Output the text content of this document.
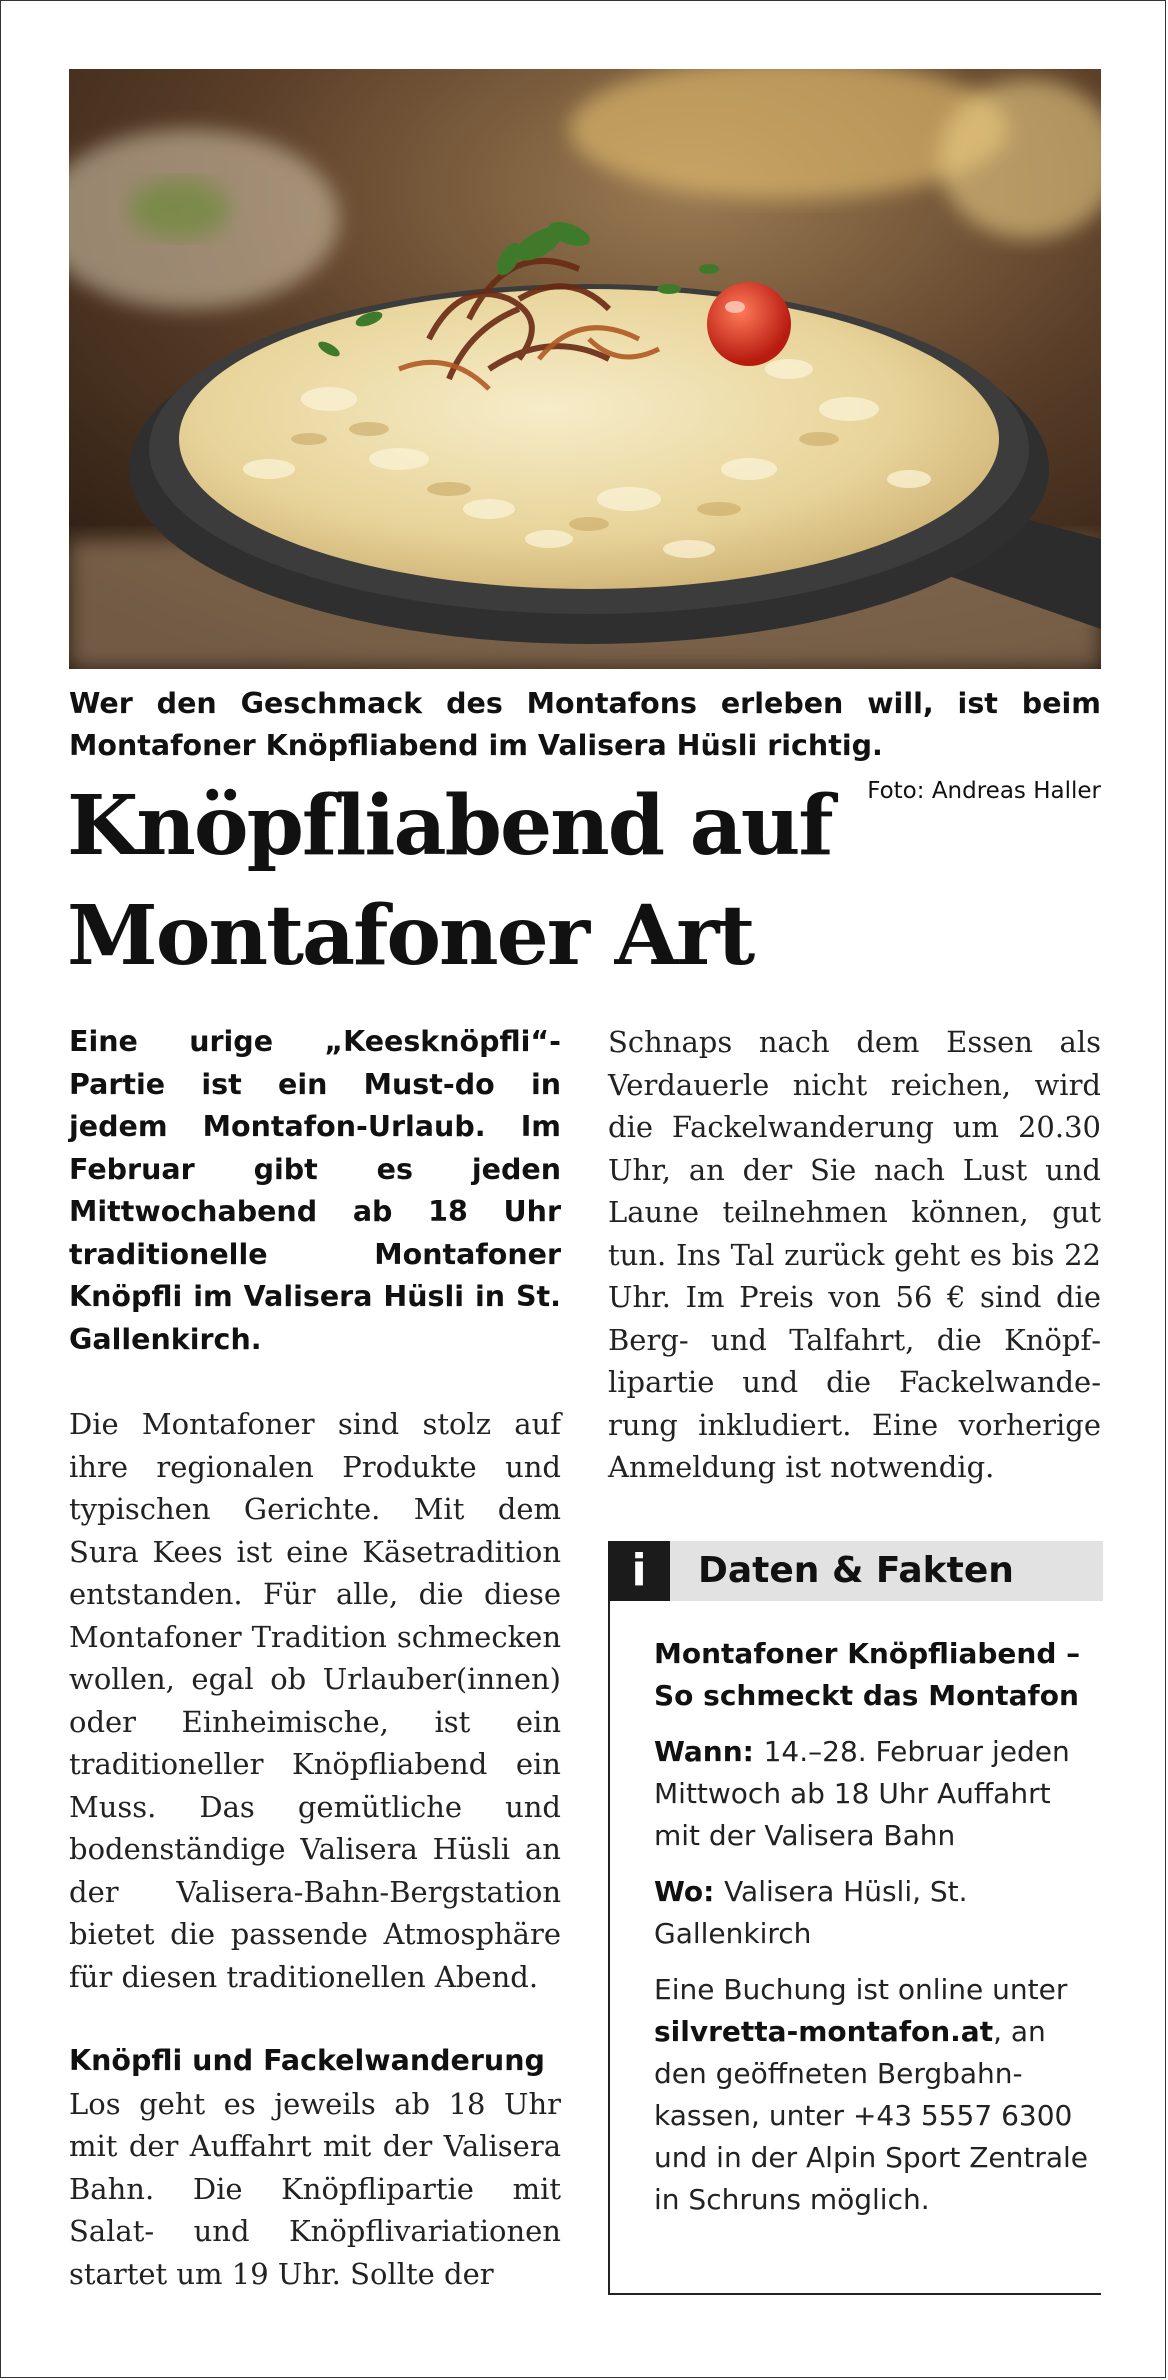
Wer den Geschmack des Montafons erleben will, ist beim Montafoner Knöpfliabend im Valisera Hüsli richtig.
Foto: Andreas Haller
Knöpfliabend auf
Montafoner Art

Eine urige „Keesknöpfli“-Partie ist ein Must-do in jedem Montafon-Urlaub. Im Februar gibt es jeden Mittwochabend ab 18 Uhr traditionelle Montafoner Knöpfli im Valisera Hüsli in St. Gallenkirch.

Die Montafoner sind stolz auf ihre regionalen Produkte und typischen Gerichte. Mit dem Sura Kees ist eine Käsetradition entstanden. Für alle, die diese Montafoner Tradition schmecken wollen, egal ob Urlauber(innen) oder Einheimische, ist ein traditioneller Knöpfliabend ein Muss. Das gemütliche und bodenständige Valisera Hüsli an der Valisera-Bahn-Bergstation bietet die passende Atmosphäre für diesen traditionellen Abend.

Knöpfli und Fackelwanderung

Los geht es jeweils ab 18 Uhr mit der Auffahrt mit der Valisera Bahn. Die Knöpflipartie mit Salat- und Knöpflivariationen startet um 19 Uhr. Sollte der

Schnaps nach dem Essen als Verdauerle nicht reichen, wird die Fackelwanderung um 20.30 Uhr, an der Sie nach Lust und Laune teilnehmen können, gut tun. Ins Tal zurück geht es bis 22 Uhr. Im Preis von 56 € sind die Berg- und Talfahrt, die Knöpflipartie und die Fackelwanderung inkludiert. Eine vorherige Anmeldung ist notwendig.

i	Daten & Fakten

Montafoner Knöpfliabend – So schmeckt das Montafon

Wann: 14.–28. Februar jeden Mittwoch ab 18 Uhr Auffahrt mit der Valisera Bahn

Wo: Valisera Hüsli, St. Gallenkirch

Eine Buchung ist online unter silvretta-montafon.at, an den geöffneten Bergbahnkassen, unter +43 5557 6300 und in der Alpin Sport Zentrale in Schruns möglich.
